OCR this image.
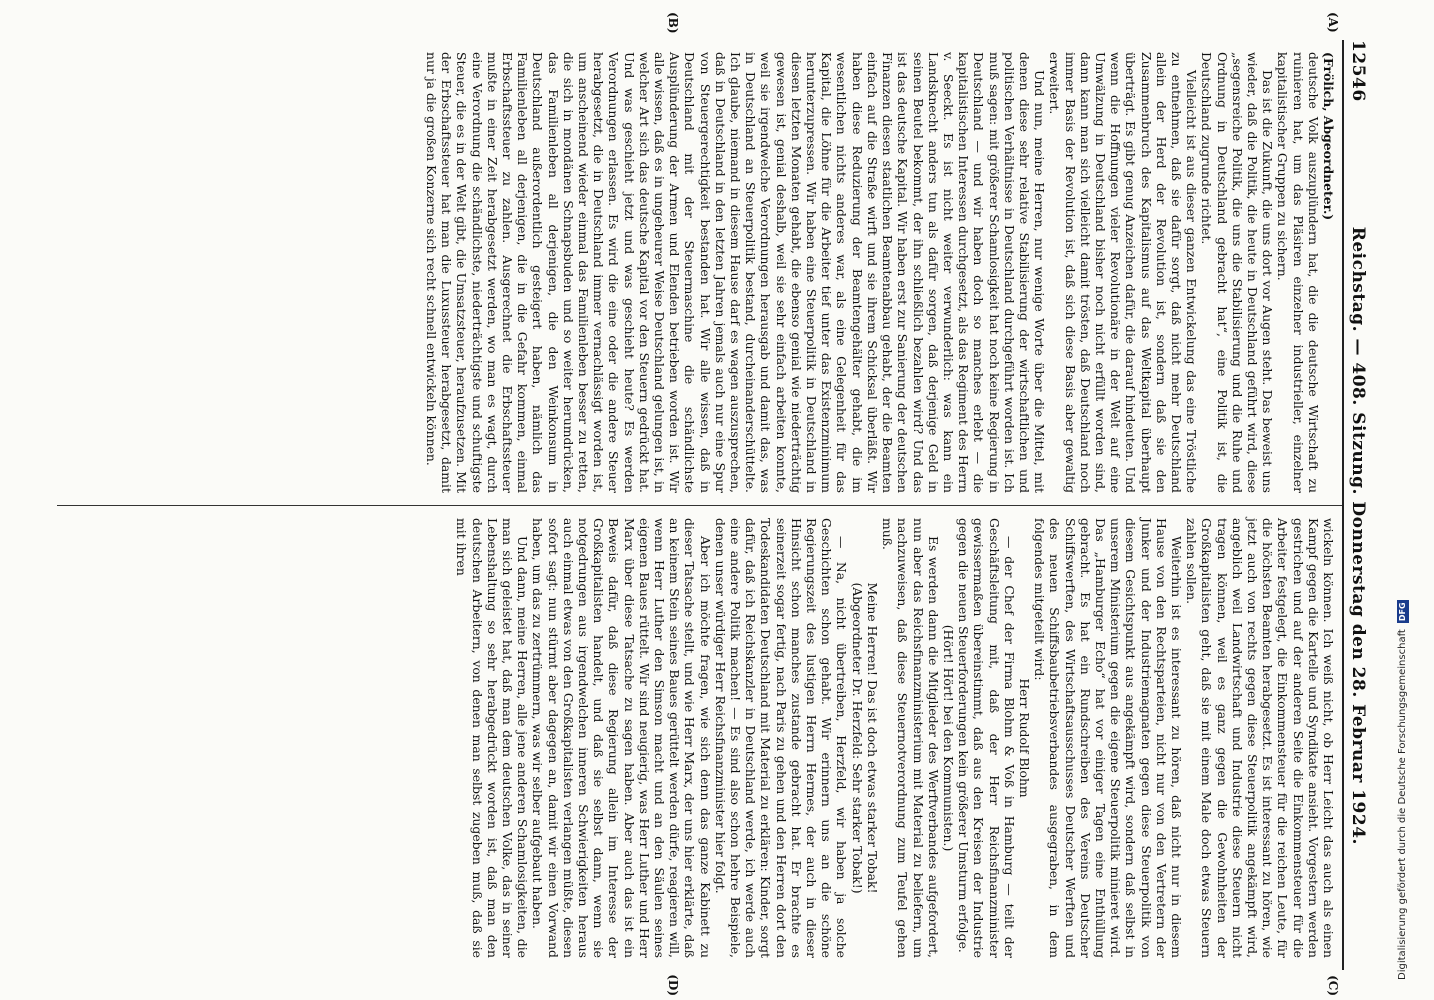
12546
Reichstag. — 408. Sitzung. Donnerstag den 28. Februar 1924.

(Frölich, Abgeordneter.)

deutsche Volk auszuplündern hat, die die deutsche Wirtschaft zu ruinieren hat, um das Pläsiren einzelner industrieller, einzelner kapitalistischer Gruppen zu sichern.

Das ist die Zukunft, die uns dort vor Augen steht. Das beweist uns wieder, daß die Politik, die heute in Deutschland geführt wird, diese „segensreiche Politik, die uns die Stabilisierung und die Ruhe und Ordnung in Deutschland gebracht hat“, eine Politik ist, die Deutschland zugrunde richtet.

Vielleicht ist aus dieser ganzen Entwickelung das eine Tröstliche zu entnehmen, daß sie dafür sorgt, daß nicht mehr Deutschland allein der Herd der Revolution ist, sondern daß sie den Zusammenbruch des Kapitalismus auf das Weltkapital überhaupt überträgt. Es gibt genug Anzeichen dafür, die darauf hindeuten. Und wenn die Hoffnungen vieler Revolutionäre in der Welt auf eine Umwälzung in Deutschland bisher noch nicht erfüllt worden sind, dann kann man sich vielleicht damit trösten, daß Deutschland noch immer Basis der Revolution ist, daß sich diese Basis aber gewaltig erweitert.

Und nun, meine Herren, nur wenige Worte über die Mittel, mit denen diese sehr relative Stabilisierung der wirtschaftlichen und politischen Verhältnisse in Deutschland durchgeführt worden ist. Ich muß sagen: mit größerer Schamlosigkeit hat noch keine Regierung in Deutschland — und wir haben doch so manches erlebt — die kapitalistischen Interessen durchgesetzt, als das Regiment des Herrn v. Seeckt. Es ist nicht weiter verwunderlich: was kann ein Landsknecht anders tun als dafür sorgen, daß derjenige Geld in seinen Beutel bekommt, der ihn schließlich bezahlen wird? Und das ist das deutsche Kapital. Wir haben erst zur Sanierung der deutschen Finanzen diesen staatlichen Beamtenabbau gehabt, der die Beamten einfach auf die Straße wirft und sie ihrem Schicksal überläßt. Wir haben diese Reduzierung der Beamtengehälter gehabt, die im wesentlichen nichts anderes war, als eine Gelegenheit für das Kapital, die Löhne für die Arbeiter tief unter das Existenzminimum herunterzupressen. Wir haben eine Steuerpolitik in Deutschland in diesen letzten Monaten gehabt, die ebenso genial wie niederträchtig gewesen ist, genial deshalb, weil sie sehr einfach arbeiten konnte, weil sie irgendwelche Verordnungen herausgab und damit das, was in Deutschland an Steuerpolitik bestand, durcheinanderschüttelte. Ich glaube, niemand in diesem Hause darf es wagen auszusprechen, daß in Deutschland in den letzten Jahren jemals auch nur eine Spur von Steuergerechtigkeit bestanden hat. Wir alle wissen, daß in Deutschland mit der Steuermaschine die schändlichste Ausplünderung der Armen und Elenden betrieben worden ist. Wir alle wissen, daß es in ungeheurer Weise Deutschland gelungen ist, in welcher Art sich das deutsche Kapital vor den Steuern gedrückt hat. Und was geschieht jetzt und was geschieht heute? Es werden Verordnungen erlassen. Es wird die eine oder die andere Steuer herabgesetzt, die in Deutschland immer vernachlässigt worden ist, um anscheinend wieder einmal das Familienleben besser zu retten, die sich in mondänen Schnapsbuden und so weiter herumdrücken, das Familienleben all derjenigen, die den Weinkonsum in Deutschland außerordentlich gesteigert haben, nämlich das Familienleben all derjenigen, die in die Gefahr kommen, einmal Erbschaftssteuer zu zahlen. Ausgerechnet die Erbschaftssteuer mußte in einer Zeit herabgesetzt werden, wo man es wagt, durch eine Verordnung die schändlichste, niederträchtigste und schuftigste Steuer, die es in der Welt gibt, die Umsatzsteuer, heraufzusetzen. Mit der Erbschaftssteuer hat man die Luxussteuer herabgesetzt, damit nur ja die großen Konzerne sich recht schnell entwickeln können.

wickeln können. Ich weiß nicht, ob Herr Leicht das auch als einen Kampf gegen die Kartelle und Syndikate ansieht. Vorgestern werden gestrichen und auf der anderen Seite die Einkommensteuer für die Arbeiter festgelegt, die Einkommensteuer für die reichen Leute, für die höchsten Beamten herabgesetzt. Es ist interessant zu hören, wie jetzt auch von rechts gegen diese Steuerpolitik angekämpft wird, angeblich weil Landwirtschaft und Industrie diese Steuern nicht tragen können, weil es ganz gegen die Gewohnheiten der Großkapitalisten geht, daß sie mit einem Male doch etwas Steuern zahlen sollen.

Weiterhin ist es interessant zu hören, daß nicht nur in diesem Hause von den Rechtsparteien, nicht nur von den Vertretern der Junker und der Industriemagnaten gegen diese Steuerpolitik von diesem Gesichtspunkt aus angekämpft wird, sondern daß selbst in unserem Ministerium gegen die eigene Steuerpolitik minieret wird. Das „Hamburger Echo“ hat vor einiger Tagen eine Enthüllung gebracht. Es hat ein Rundschreiben des Vereins Deutscher Schiffswerften, des Wirtschaftsausschusses Deutscher Werften und des neuen Schiffsbaubetriebsverbandes ausgegraben, in dem folgendes mitgeteilt wird:

Herr Rudolf Blohm

— der Chef der Firma Blohm & Voß in Hamburg — teilt der Geschäftsleitung mit, daß der Herr Reichsfinanzminister gewissermaßen übereinstimmt, daß aus den Kreisen der Industrie gegen die neuen Steuerforderungen kein größerer Umsturm erfolge.

(Hört! Hört! bei den Kommunisten.)

Es werden dann die Mitglieder des Werftverbandes aufgefordert, nun aber das Reichsfinanzministerium mit Material zu beliefern, um nachzuweisen, daß diese Steuernotverordnung zum Teufel gehen muß.

Meine Herren! Das ist doch etwas starker Tobak!

(Abgeordneter Dr. Herzfeld: Sehr starker Tobak!)

— Na, nicht übertreiben, Herzfeld, wir haben ja solche Geschichten schon gehabt. Wir erinnern uns an die schöne Regierungszeit des lustigen Herrn Hermes, der auch in dieser Hinsicht schon manches zustande gebracht hat. Er brachte es seinerzeit sogar fertig, nach Paris zu gehen und den Herren dort den Todeskandidaten Deutschland mit Material zu erklären: Kinder, sorgt dafür, daß ich Reichskanzler in Deutschland werde, ich werde auch eine andere Politik machen! — Es sind also schon hehre Beispiele, denen unser würdiger Herr Reichsfinanzminister hier folgt.

Aber ich möchte fragen, wie sich denn das ganze Kabinett zu dieser Tatsache stellt, und wie Herr Marx, der uns hier erklärte, daß an keinem Stein seines Baues gerüttelt werden dürfe, reagieren will, wenn Herr Luther den Simson macht und an den Säulen seines eigenen Baues rüttelt. Wir sind neugierig, was Herr Luther und Herr Marx über diese Tatsache zu sagen haben. Aber auch das ist ein Beweis dafür, daß diese Regierung allein im Interesse der Großkapitalisten handelt, und daß sie selbst dann, wenn sie notgedrungen aus irgendwelchen inneren Schwierigkeiten heraus auch einmal etwas von den Großkapitalisten verlangen müßte, diesen sofort sagt: nun stürmt aber dagegen an, damit wir einen Vorwand haben, um das zu zertrümmern, was wir selber aufgebaut haben.

Und dann, meine Herren, alle jene anderen Schamlosigkeiten, die man sich geleistet hat, daß man dem deutschen Volke, das in seiner Lebenshaltung so sehr herabgedrückt worden ist, daß man den deutschen Arbeitern, von denen man selbst zugeben muß, daß sie mit ihren

(A)
(B)
(C)
(D)
Digitalisierung gefördert durch die Deutsche Forschungsgemeinschaft
DFG
